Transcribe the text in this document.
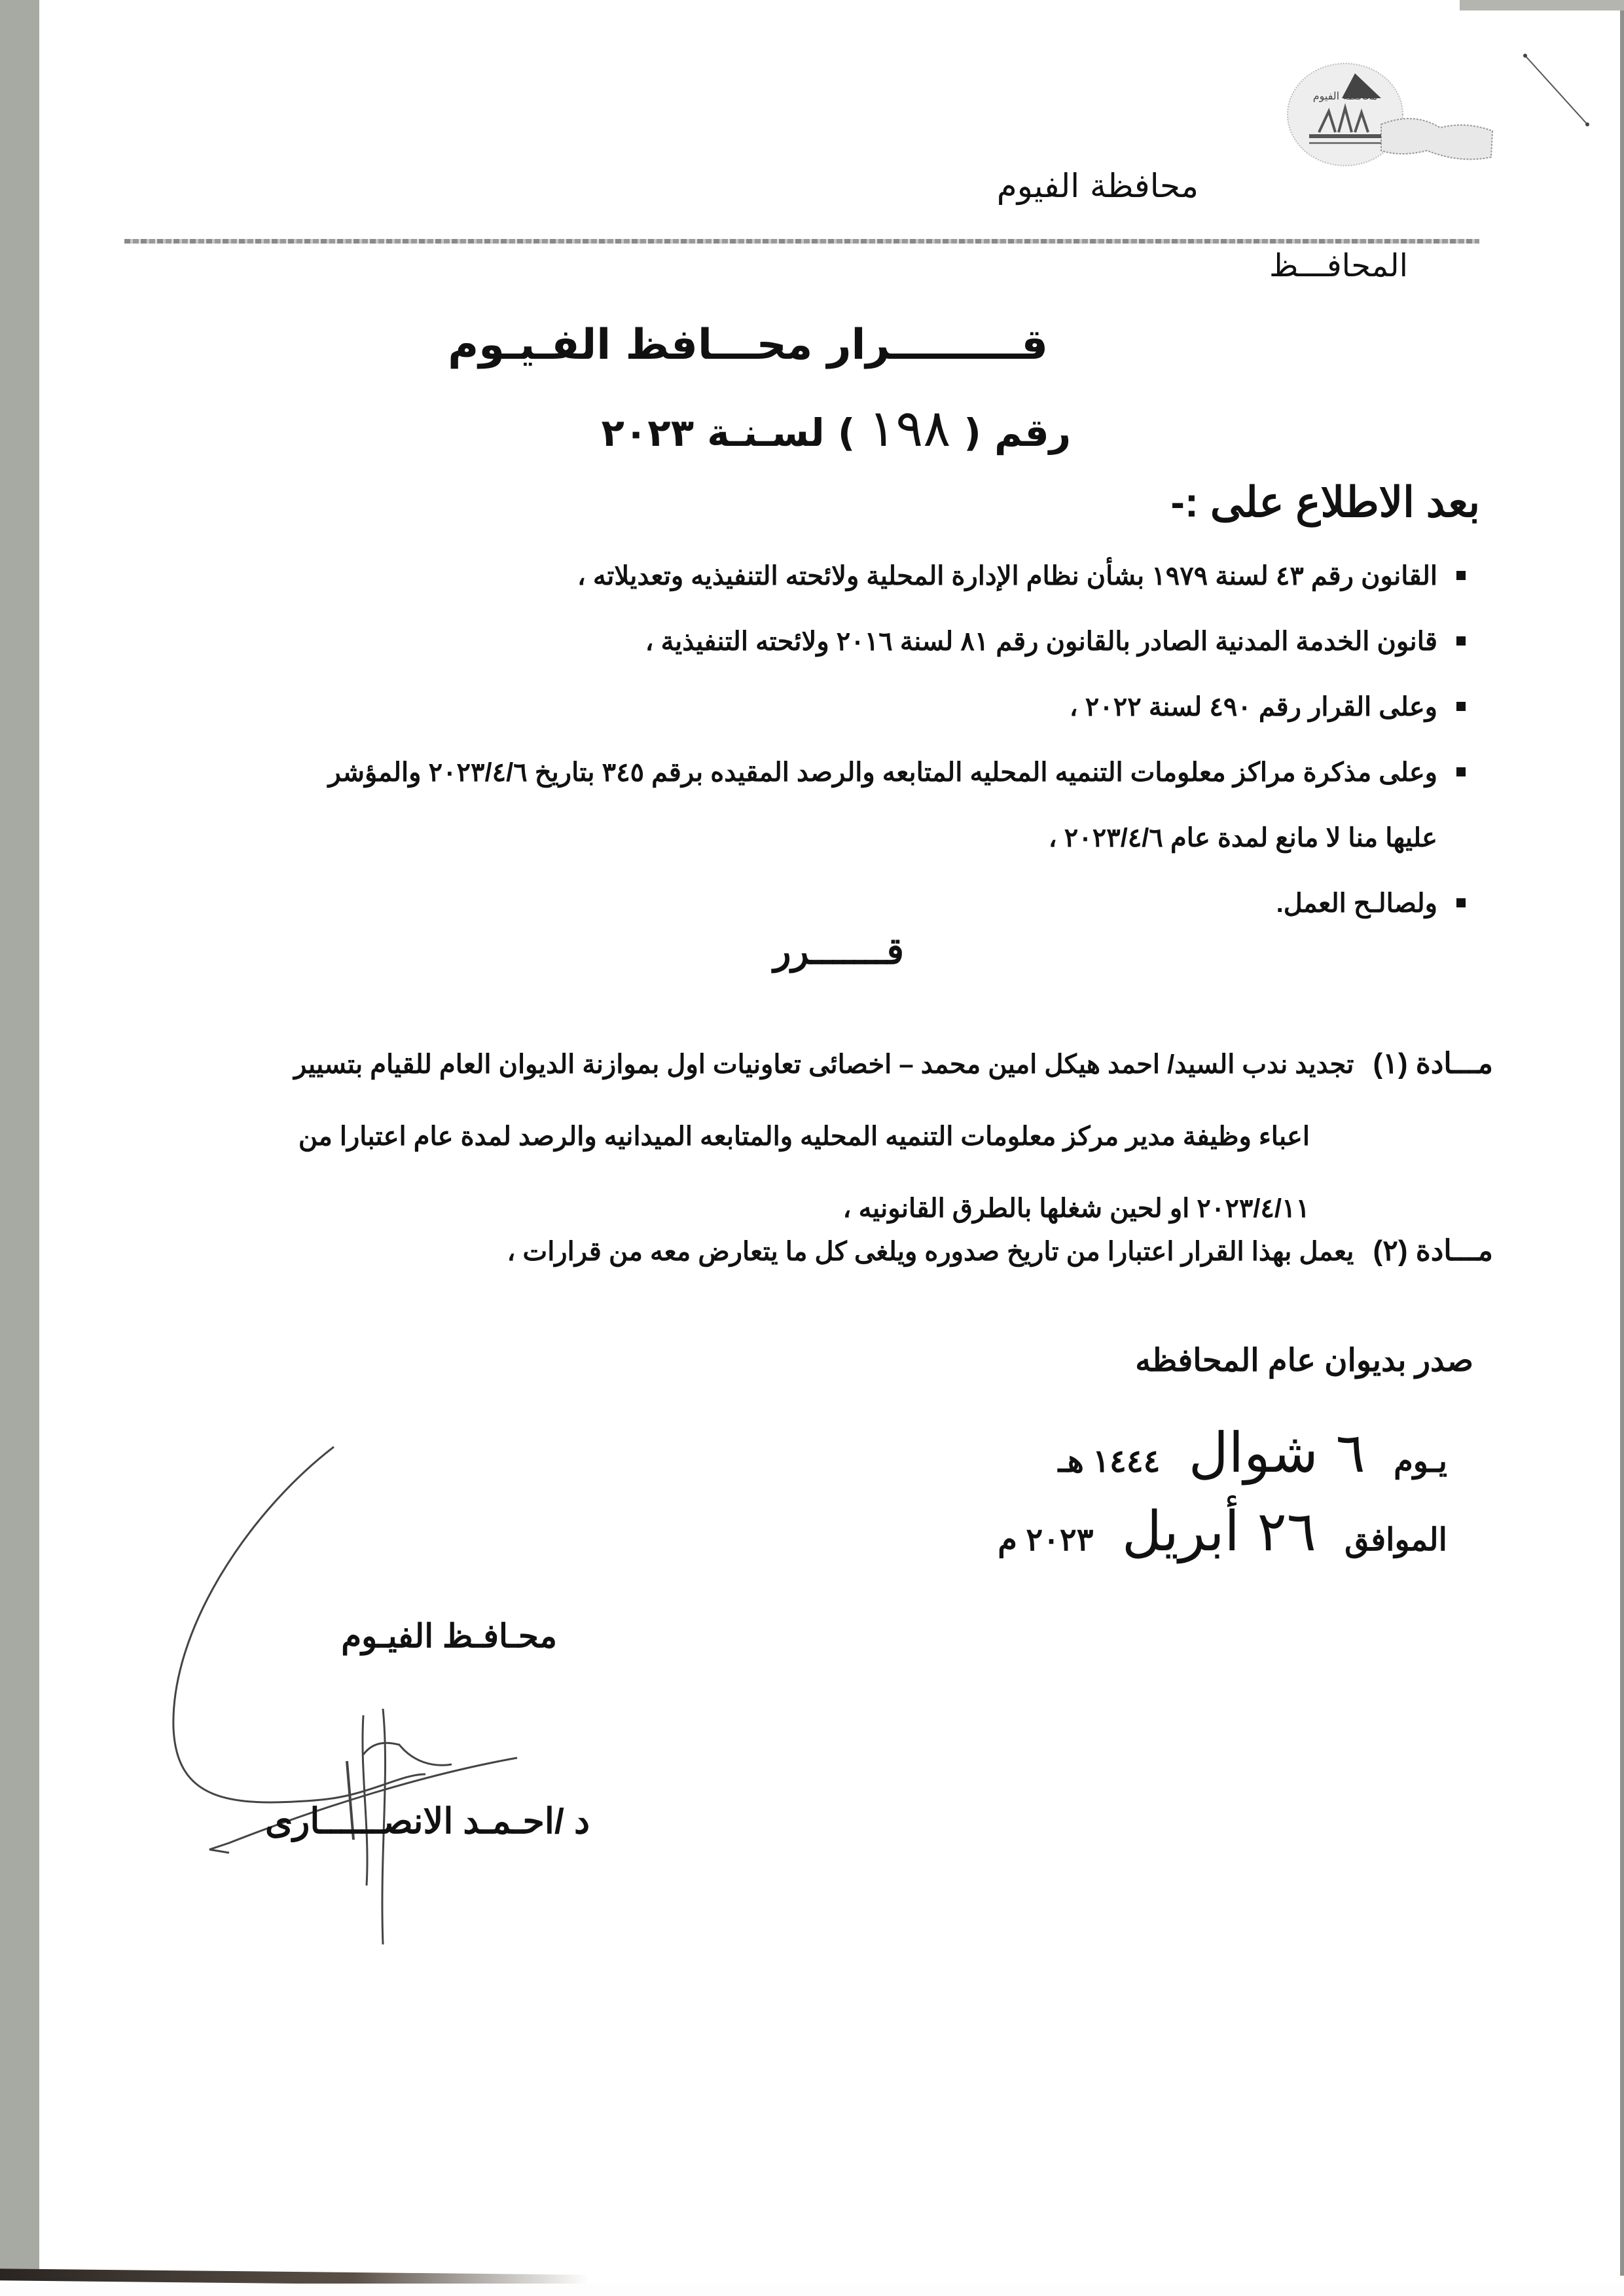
محافظة الفيوم
محافظة الفيوم
المحافـــظ
قـــــــــرار محـــافظ الفـيـوم
رقم ( ١٩٨ ) لسـنـة ٢٠٢٣
بعد الاطلاع على :-
القانون رقم ٤٣ لسنة ١٩٧٩ بشأن نظام الإدارة المحلية ولائحته التنفيذيه وتعديلاته ،
قانون الخدمة المدنية الصادر بالقانون رقم ٨١ لسنة ٢٠١٦ ولائحته التنفيذية ،
وعلى القرار رقم ٤٩٠ لسنة ٢٠٢٢ ،
وعلى مذكرة مراكز معلومات التنميه المحليه المتابعه والرصد المقيده برقم ٣٤٥ بتاريخ ٢٠٢٣/٤/٦ والمؤشر
عليها منا لا مانع لمدة عام ٢٠٢٣/٤/٦ ،
ولصالـح العمل.
قـــــــرر
مـــادة (١) تجديد ندب السيد/ احمد هيكل امين محمد – اخصائى تعاونيات اول بموازنة الديوان العام للقيام بتسيير
اعباء وظيفة مدير مركز معلومات التنميه المحليه والمتابعه الميدانيه والرصد لمدة عام اعتبارا من
٢٠٢٣/٤/١١ او لحين شغلها بالطرق القانونيه ،
مـــادة (٢) يعمل بهذا القرار اعتبارا من تاريخ صدوره ويلغى كل ما يتعارض معه من قرارات ،
صدر بديوان عام المحافظه
يـوم ٦ شوال ١٤٤٤ هـ
الموافق ٢٦ أبريل ٢٠٢٣ م
محـافـظ الفيـوم
د /احـمـد الانصــــــارى
